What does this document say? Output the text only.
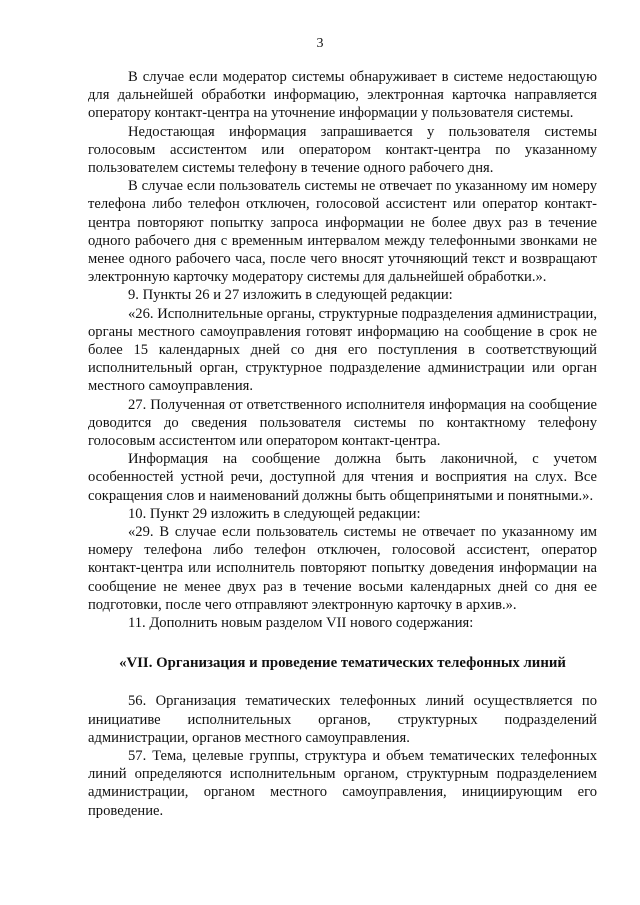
3

В случае если модератор системы обнаруживает в системе недостающую для дальнейшей обработки информацию, электронная карточка направляется оператору контакт-центра на уточнение информации у пользователя системы.

Недостающая информация запрашивается у пользователя системы голосовым ассистентом или оператором контакт-центра по указанному пользователем системы телефону в течение одного рабочего дня.

В случае если пользователь системы не отвечает по указанному им номеру телефона либо телефон отключен, голосовой ассистент или оператор контакт-центра повторяют попытку запроса информации не более двух раз в течение одного рабочего дня с временным интервалом между телефонными звонками не менее одного рабочего часа, после чего вносят уточняющий текст и возвращают электронную карточку модератору системы для дальнейшей обработки.».

9. Пункты 26 и 27 изложить в следующей редакции:

«26. Исполнительные органы, структурные подразделения администрации, органы местного самоуправления готовят информацию на сообщение в срок не более 15 календарных дней со дня его поступления в соответствующий исполнительный орган, структурное подразделение администрации или орган местного самоуправления.

27. Полученная от ответственного исполнителя информация на сообщение доводится до сведения пользователя системы по контактному телефону голосовым ассистентом или оператором контакт-центра.

Информация на сообщение должна быть лаконичной, с учетом особенностей устной речи, доступной для чтения и восприятия на слух. Все сокращения слов и наименований должны быть общепринятыми и понятными.».

10. Пункт 29 изложить в следующей редакции:

«29. В случае если пользователь системы не отвечает по указанному им номеру телефона либо телефон отключен, голосовой ассистент, оператор контакт-центра или исполнитель повторяют попытку доведения информации на сообщение не менее двух раз в течение восьми календарных дней со дня ее подготовки, после чего отправляют электронную карточку в архив.».

11. Дополнить новым разделом VII нового содержания:

«VII. Организация и проведение тематических телефонных линий

56. Организация тематических телефонных линий осуществляется по инициативе исполнительных органов, структурных подразделений администрации, органов местного самоуправления.

57. Тема, целевые группы, структура и объем тематических телефонных линий определяются исполнительным органом, структурным подразделением администрации, органом местного самоуправления, инициирующим его проведение.
